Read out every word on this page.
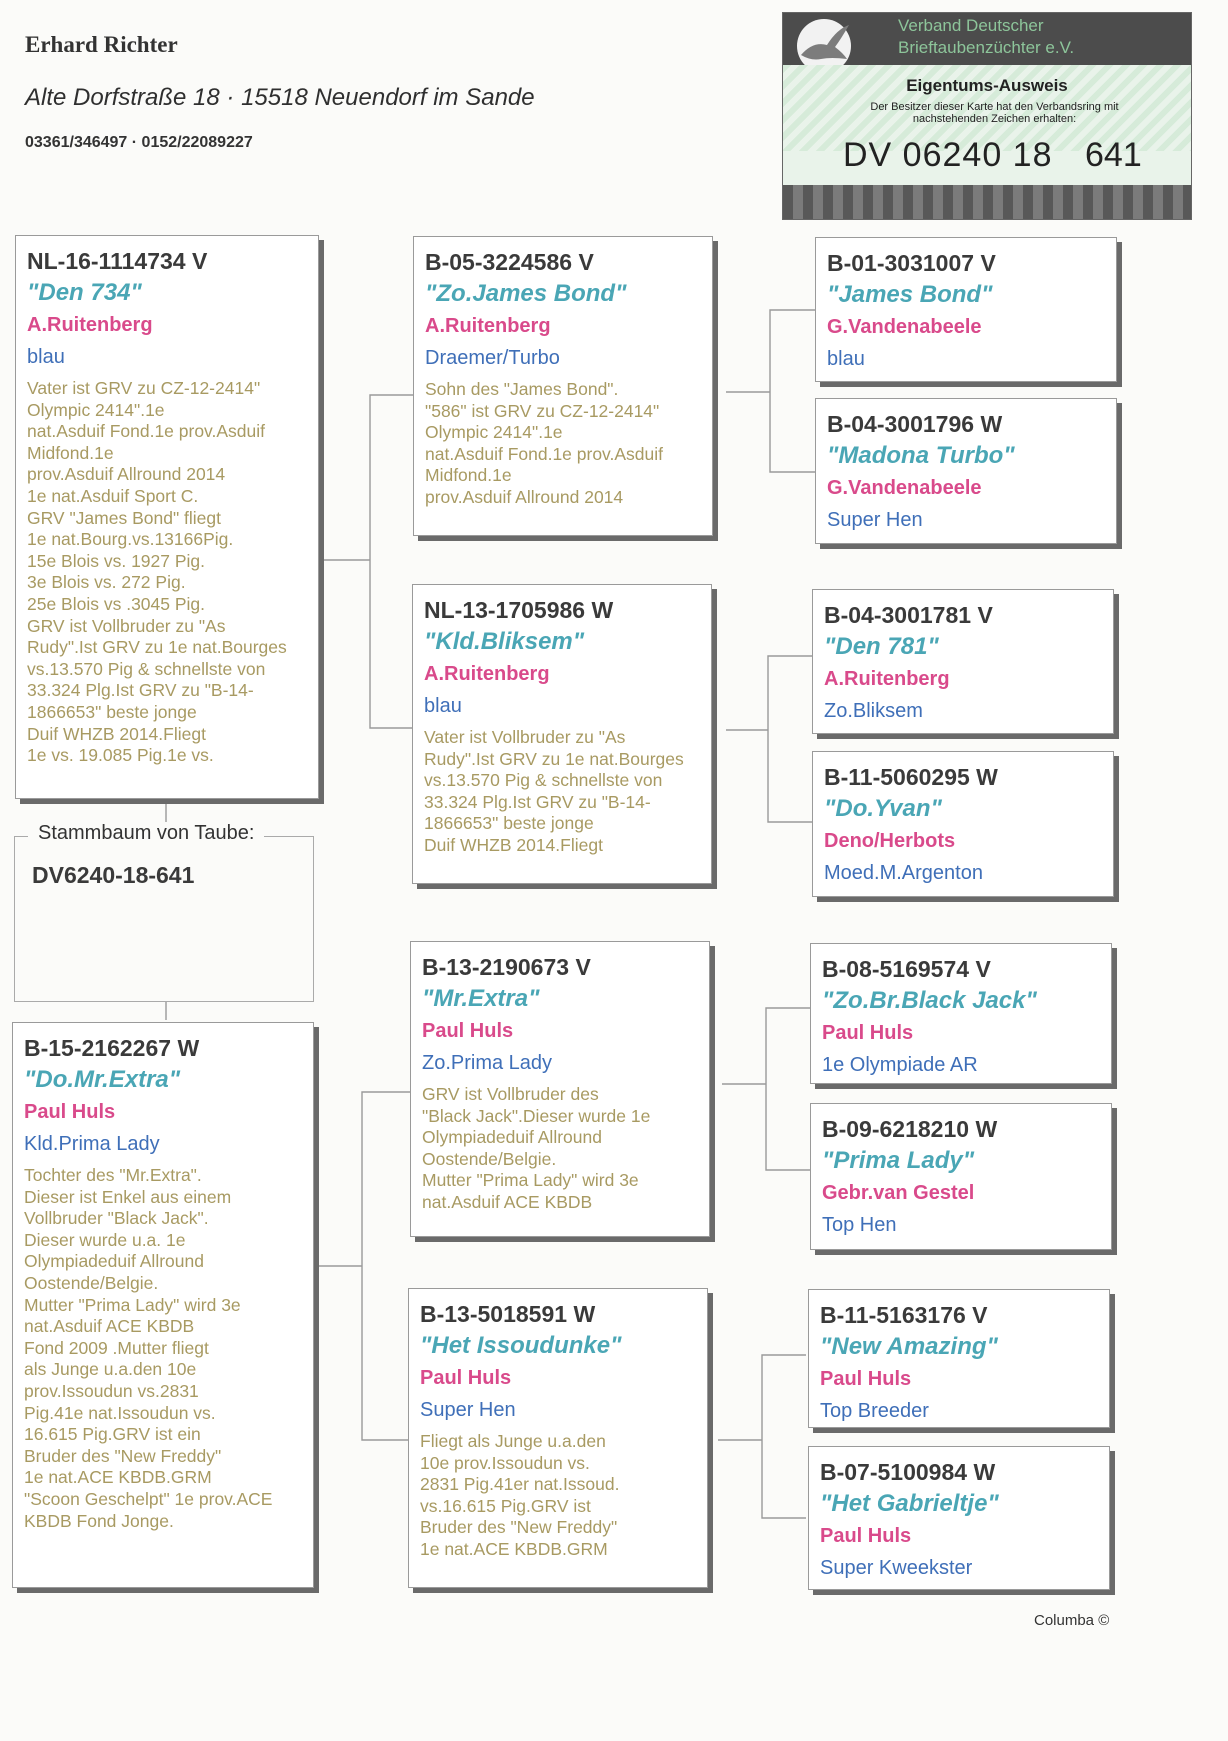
Erhard Richter
Alte Dorfstraße 18 · 15518 Neuendorf im Sande
03361/346497 · 0152/22089227
Verband Deutscher
Brieftaubenzüchter e.V.
Eigentums-Ausweis
Der Besitzer dieser Karte hat den Verbandsring mit nachstehenden Zeichen erhalten:
DV 06240 18 641
NL-16-1114734 V
"Den 734"
A.Ruitenberg
blau
Vater ist GRV zu CZ-12-2414"
Olympic 2414".1e
nat.Asduif Fond.1e prov.Asduif
Midfond.1e
prov.Asduif Allround 2014
1e nat.Asduif Sport C.
GRV "James Bond" fliegt
1e nat.Bourg.vs.13166Pig.
15e Blois vs. 1927 Pig.
3e Blois vs. 272 Pig.
25e Blois vs .3045 Pig.
GRV ist Vollbruder zu "As
Rudy".Ist GRV zu 1e nat.Bourges
vs.13.570 Pig & schnellste von
33.324 Plg.Ist GRV zu "B-14-
1866653" beste jonge
Duif WHZB 2014.Fliegt
1e vs. 19.085 Pig.1e vs.
Stammbaum von Taube:
DV6240-18-641
B-15-2162267 W
"Do.Mr.Extra"
Paul Huls
Kld.Prima Lady
Tochter des "Mr.Extra".
Dieser ist Enkel aus einem
Vollbruder "Black Jack".
Dieser wurde u.a. 1e
Olympiadeduif Allround
Oostende/Belgie.
Mutter "Prima Lady" wird 3e
nat.Asduif ACE KBDB
Fond 2009 .Mutter fliegt
als Junge u.a.den 10e
prov.Issoudun vs.2831
Pig.41e nat.Issoudun vs.
16.615 Pig.GRV ist ein
Bruder des "New Freddy"
1e nat.ACE KBDB.GRM
"Scoon Geschelpt" 1e prov.ACE
KBDB Fond Jonge.
B-05-3224586 V
"Zo.James Bond"
A.Ruitenberg
Draemer/Turbo
Sohn des "James Bond".
"586" ist GRV zu CZ-12-2414"
Olympic 2414".1e
nat.Asduif Fond.1e prov.Asduif
Midfond.1e
prov.Asduif Allround 2014
NL-13-1705986 W
"Kld.Bliksem"
A.Ruitenberg
blau
Vater ist Vollbruder zu "As
Rudy".Ist GRV zu 1e nat.Bourges
vs.13.570 Pig & schnellste von
33.324 Plg.Ist GRV zu "B-14-
1866653" beste jonge
Duif WHZB 2014.Fliegt
B-13-2190673 V
"Mr.Extra"
Paul Huls
Zo.Prima Lady
GRV ist Vollbruder des
"Black Jack".Dieser wurde 1e
Olympiadeduif Allround
Oostende/Belgie.
Mutter "Prima Lady" wird 3e
nat.Asduif ACE KBDB
B-13-5018591 W
"Het Issoudunke"
Paul Huls
Super Hen
Fliegt als Junge u.a.den
10e prov.Issoudun vs.
2831 Pig.41er nat.Issoud.
vs.16.615 Pig.GRV ist
Bruder des "New Freddy"
1e nat.ACE KBDB.GRM
B-01-3031007 V
"James Bond"
G.Vandenabeele
blau
B-04-3001796 W
"Madona Turbo"
G.Vandenabeele
Super Hen
B-04-3001781 V
"Den 781"
A.Ruitenberg
Zo.Bliksem
B-11-5060295 W
"Do.Yvan"
Deno/Herbots
Moed.M.Argenton
B-08-5169574 V
"Zo.Br.Black Jack"
Paul Huls
1e Olympiade AR
B-09-6218210 W
"Prima Lady"
Gebr.van Gestel
Top Hen
B-11-5163176 V
"New Amazing"
Paul Huls
Top Breeder
B-07-5100984 W
"Het Gabrieltje"
Paul Huls
Super Kweekster
Columba ©
